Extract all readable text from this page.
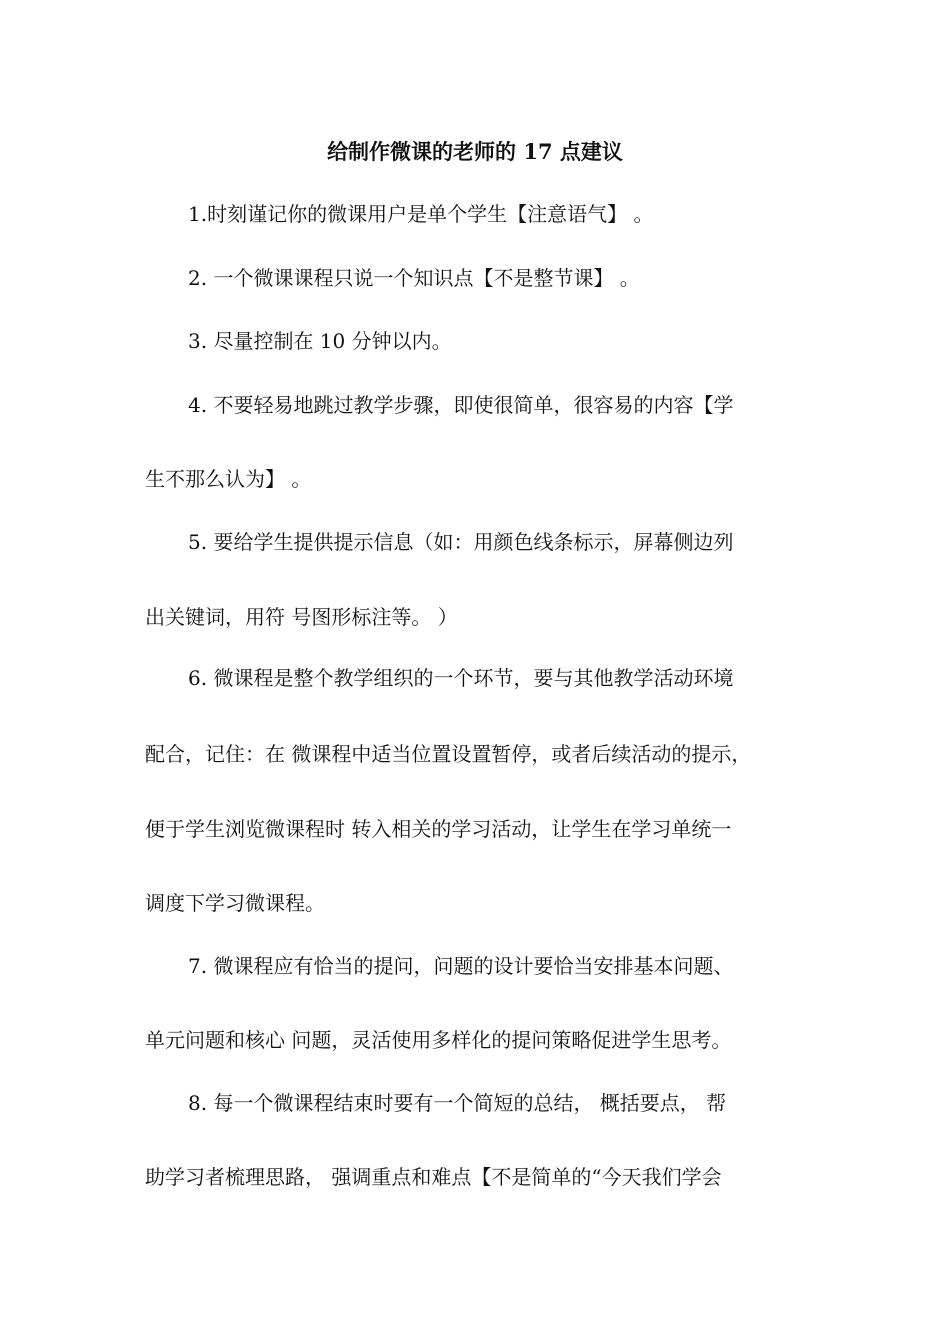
给制作微课的老师的 17 点建议
1.时刻谨记你的微课用户是单个学生【注意语气】 。
2. 一个微课课程只说一个知识点【不是整节课】 。
3. 尽量控制在 10 分钟以内。
4. 不要轻易地跳过教学步骤，即使很简单，很容易的内容【学
生不那么认为】 。
5. 要给学生提供提示信息（如：用颜色线条标示，屏幕侧边列
出关键词，用符 号图形标注等。 ）
6. 微课程是整个教学组织的一个环节，要与其他教学活动环境
配合，记住：在 微课程中适当位置设置暂停，或者后续活动的提示，
便于学生浏览微课程时 转入相关的学习活动，让学生在学习单统一
调度下学习微课程。
7. 微课程应有恰当的提问，问题的设计要恰当安排基本问题、
单元问题和核心 问题，灵活使用多样化的提问策略促进学生思考。
8. 每一个微课程结束时要有一个简短的总结， 概括要点， 帮
助学习者梳理思路， 强调重点和难点【不是简单的“今天我们学会
